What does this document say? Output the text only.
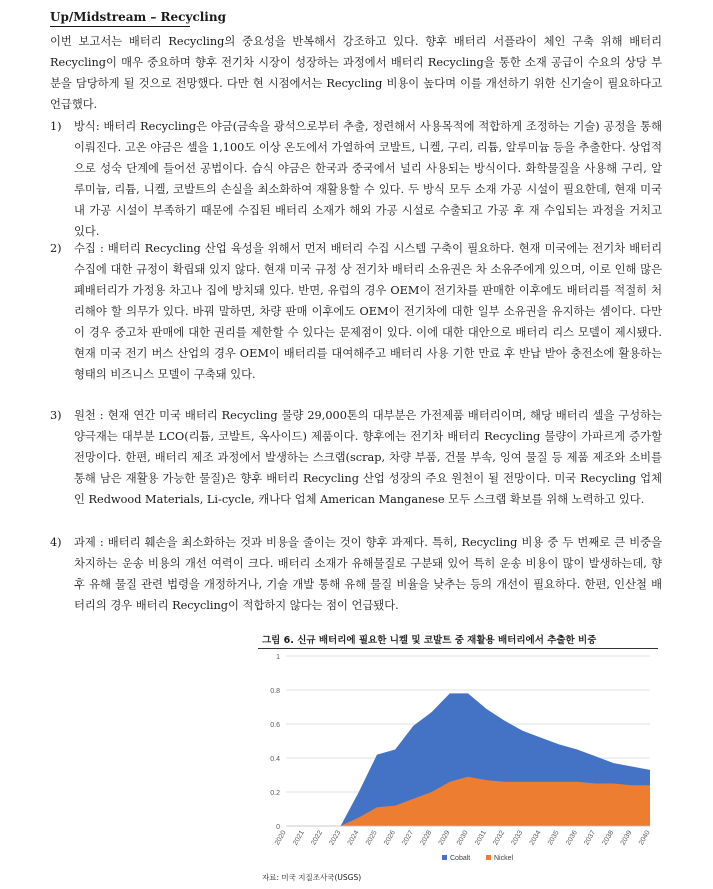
Up/Midstream – Recycling
이번 보고서는 배터리 Recycling의 중요성을 반복해서 강조하고 있다. 향후 배터리 서플라이 체인 구축 위해 배터리 Recycling이 매우 중요하며 향후 전기차 시장이 성장하는 과정에서 배터리 Recycling을 통한 소재 공급이 수요의 상당 부분을 담당하게 될 것으로 전망했다. 다만 현 시점에서는 Recycling 비용이 높다며 이를 개선하기 위한 신기술이 필요하다고 언급했다.
1)	방식: 배터리 Recycling은 야금(금속을 광석으로부터 추출, 정련해서 사용목적에 적합하게 조정하는 기술) 공정을 통해 이뤄진다. 고온 야금은 셀을 1,100도 이상 온도에서 가열하여 코발트, 니켈, 구리, 리튬, 알루미늄 등을 추출한다. 상업적으로 성숙 단계에 들어선 공법이다. 습식 야금은 한국과 중국에서 널리 사용되는 방식이다. 화학물질을 사용해 구리, 알루미늄, 리튬, 니켈, 코발트의 손실을 최소화하여 재활용할 수 있다. 두 방식 모두 소재 가공 시설이 필요한데, 현재 미국 내 가공 시설이 부족하기 때문에 수집된 배터리 소재가 해외 가공 시설로 수출되고 가공 후 재 수입되는 과정을 거치고 있다.
2)	수집 : 배터리 Recycling 산업 육성을 위해서 먼저 배터리 수집 시스템 구축이 필요하다. 현재 미국에는 전기차 배터리 수집에 대한 규정이 확립돼 있지 않다. 현재 미국 규정 상 전기차 배터리 소유권은 차 소유주에게 있으며, 이로 인해 많은 폐배터리가 가정용 차고나 집에 방치돼 있다. 반면, 유럽의 경우 OEM이 전기차를 판매한 이후에도 배터리를 적절히 처리해야 할 의무가 있다. 바꿔 말하면, 차량 판매 이후에도 OEM이 전기차에 대한 일부 소유권을 유지하는 셈이다. 다만 이 경우 중고차 판매에 대한 권리를 제한할 수 있다는 문제점이 있다. 이에 대한 대안으로 배터리 리스 모델이 제시됐다. 현재 미국 전기 버스 산업의 경우 OEM이 배터리를 대여해주고 배터리 사용 기한 만료 후 반납 받아 충전소에 활용하는 형태의 비즈니스 모델이 구축돼 있다.
3)	원천 : 현재 연간 미국 배터리 Recycling 물량 29,000톤의 대부분은 가전제품 배터리이며, 해당 배터리 셀을 구성하는 양극재는 대부분 LCO(리튬, 코발트, 옥사이드) 제품이다. 향후에는 전기차 배터리 Recycling 물량이 가파르게 증가할 전망이다. 한편, 배터리 제조 과정에서 발생하는 스크랩(scrap, 차량 부품, 건물 부속, 잉여 물질 등 제품 제조와 소비를 통해 남은 재활용 가능한 물질)은 향후 배터리 Recycling 산업 성장의 주요 원천이 될 전망이다. 미국 Recycling 업체인 Redwood Materials, Li-cycle, 캐나다 업체 American Manganese 모두 스크랩 확보를 위해 노력하고 있다.
4)	과제 : 배터리 훼손을 최소화하는 것과 비용을 줄이는 것이 향후 과제다. 특히, Recycling 비용 중 두 번째로 큰 비중을 차지하는 운송 비용의 개선 여력이 크다. 배터리 소재가 유해물질로 구분돼 있어 특히 운송 비용이 많이 발생하는데, 향후 유해 물질 관련 법령을 개정하거나, 기술 개발 통해 유해 물질 비율을 낮추는 등의 개선이 필요하다. 한편, 인산철 배터리의 경우 배터리 Recycling이 적합하지 않다는 점이 언급됐다.
그림 6. 신규 배터리에 필요한 니켈 및 코발트 중 재활용 배터리에서 추출한 비중
0
0.2
0.4
0.6
0.8
1
2020 2021 2022 2023 2024 2025 2026 2027 2028 2029 2030 2031 2032 2033 2034 2035 2036 2037 2038 2039 2040
Cobalt	Nickel
자료: 미국 지질조사국(USGS)
